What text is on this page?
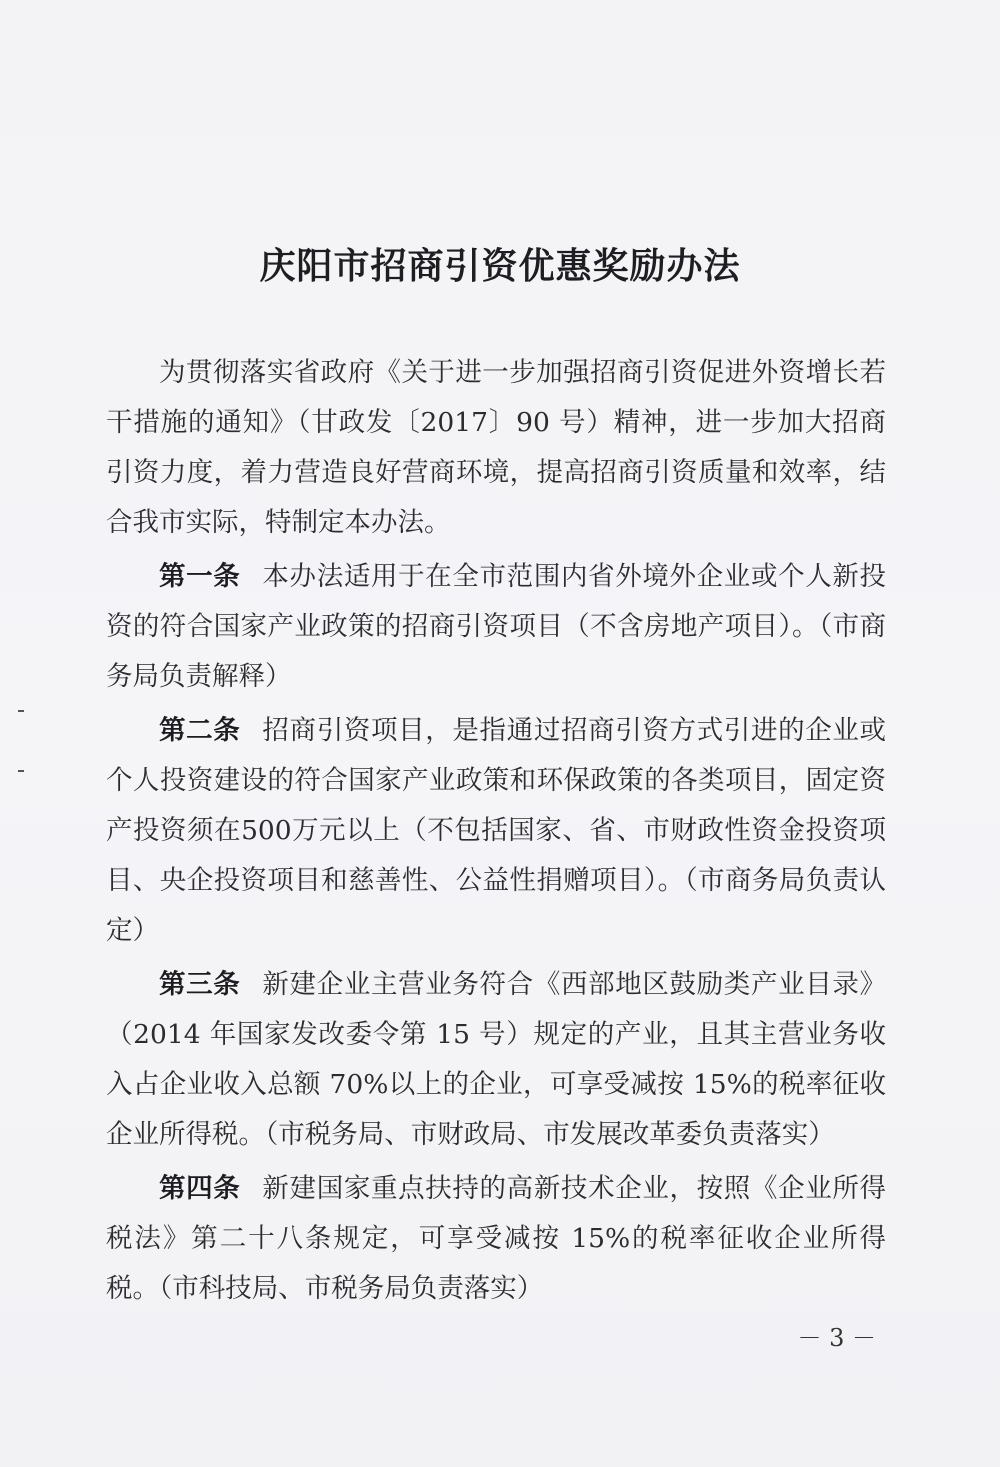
庆阳市招商引资优惠奖励办法

为贯彻落实省政府《关于进一步加强招商引资促进外资增长若干措施的通知》（甘政发〔2017〕90 号）精神，进一步加大招商引资力度，着力营造良好营商环境，提高招商引资质量和效率，结合我市实际，特制定本办法。

第一条 本办法适用于在全市范围内省外境外企业或个人新投资的符合国家产业政策的招商引资项目（不含房地产项目）。（市商务局负责解释）

第二条 招商引资项目，是指通过招商引资方式引进的企业或个人投资建设的符合国家产业政策和环保政策的各类项目，固定资产投资须在500万元以上（不包括国家、省、市财政性资金投资项目、央企投资项目和慈善性、公益性捐赠项目）。（市商务局负责认定）

第三条 新建企业主营业务符合《西部地区鼓励类产业目录》（2014 年国家发改委令第 15 号）规定的产业，且其主营业务收入占企业收入总额 70%以上的企业，可享受减按 15%的税率征收企业所得税。（市税务局、市财政局、市发展改革委负责落实）

第四条 新建国家重点扶持的高新技术企业，按照《企业所得税法》第二十八条规定，可享受减按 15%的税率征收企业所得税。（市科技局、市税务局负责落实）

－ 3 －
